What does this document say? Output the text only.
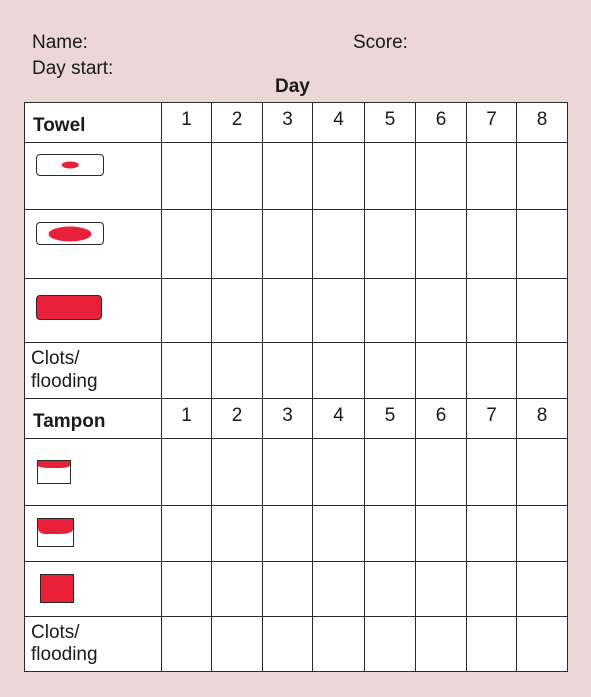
Name:	Score:
Day start:
Day
Towel	1	2	3	4	5	6	7	8

Clots/
flooding								
Tampon	1	2	3	4	5	6	7	8

Clots/
flooding								
